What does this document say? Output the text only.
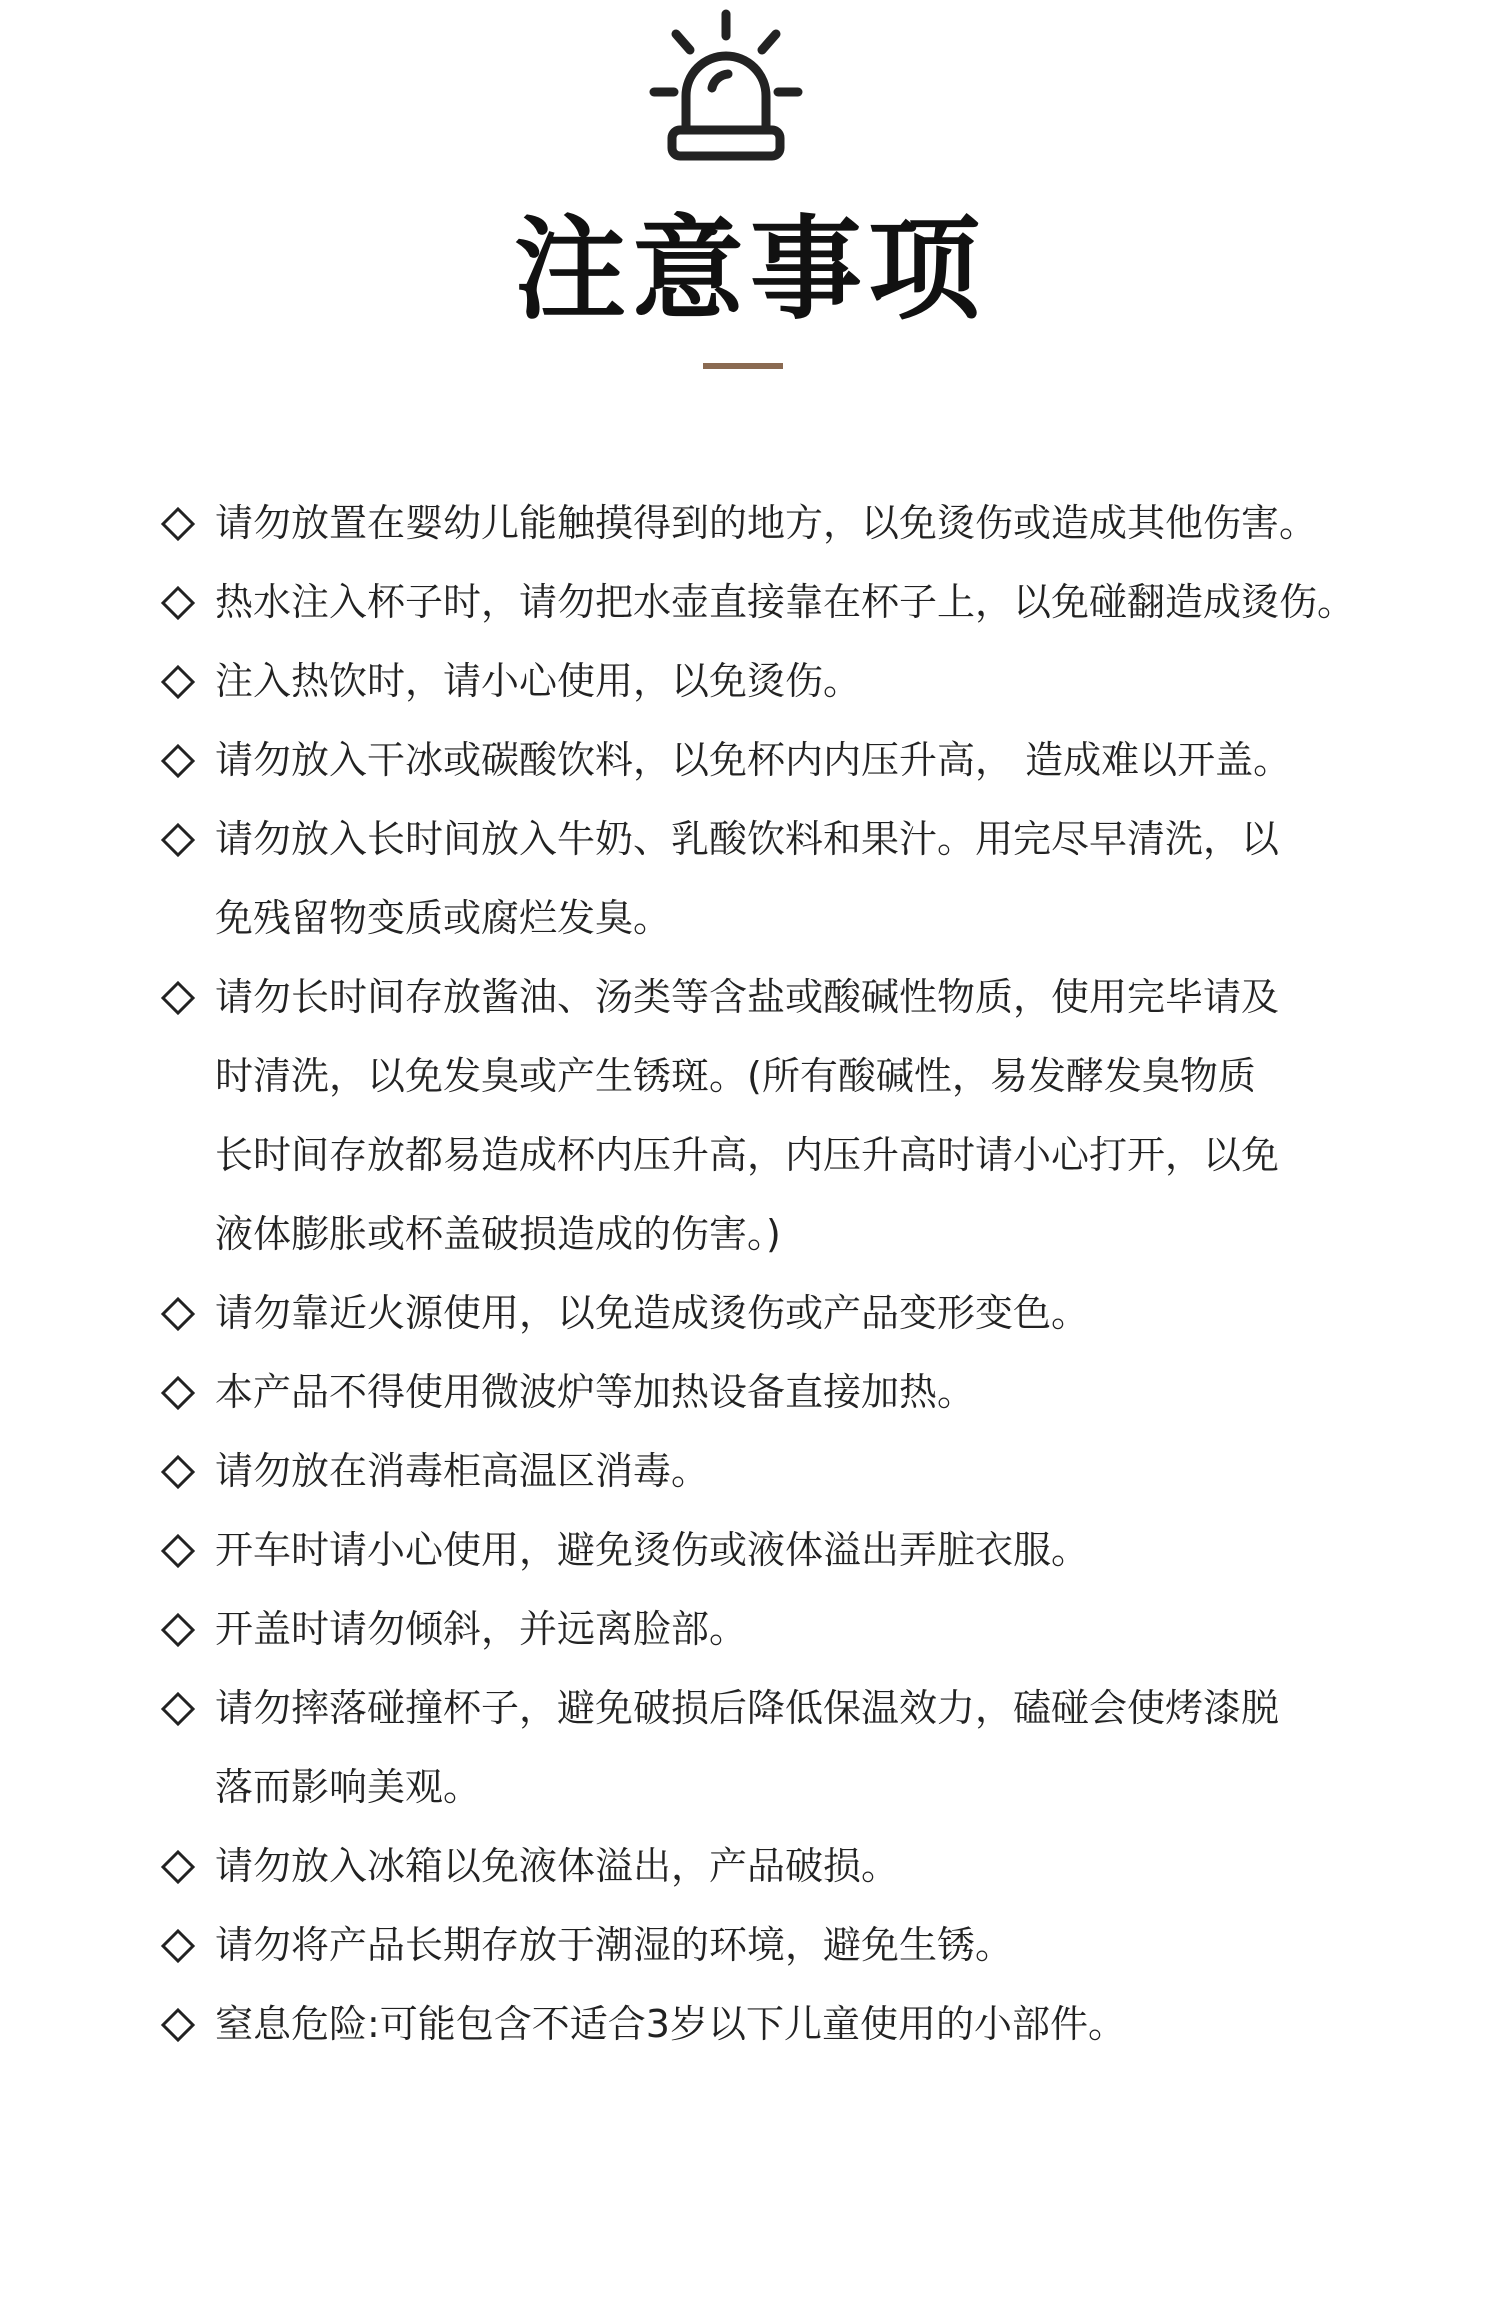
注意事项
请勿放置在婴幼儿能触摸得到的地方，以免烫伤或造成其他伤害。
热水注入杯子时，请勿把水壶直接靠在杯子上，以免碰翻造成烫伤。
注入热饮时，请小心使用，以免烫伤。
请勿放入干冰或碳酸饮料，以免杯内内压升高， 造成难以开盖。
请勿放入长时间放入牛奶、乳酸饮料和果汁。用完尽早清洗，以
免残留物变质或腐烂发臭。
请勿长时间存放酱油、汤类等含盐或酸碱性物质，使用完毕请及
时清洗，以免发臭或产生锈斑。(所有酸碱性，易发酵发臭物质
长时间存放都易造成杯内压升高，内压升高时请小心打开，以免
液体膨胀或杯盖破损造成的伤害。)
请勿靠近火源使用，以免造成烫伤或产品变形变色。
本产品不得使用微波炉等加热设备直接加热。
请勿放在消毒柜高温区消毒。
开车时请小心使用，避免烫伤或液体溢出弄脏衣服。
开盖时请勿倾斜，并远离脸部。
请勿摔落碰撞杯子，避免破损后降低保温效力，磕碰会使烤漆脱
落而影响美观。
请勿放入冰箱以免液体溢出，产品破损。
请勿将产品长期存放于潮湿的环境，避免生锈。
窒息危险:可能包含不适合3岁以下儿童使用的小部件。
